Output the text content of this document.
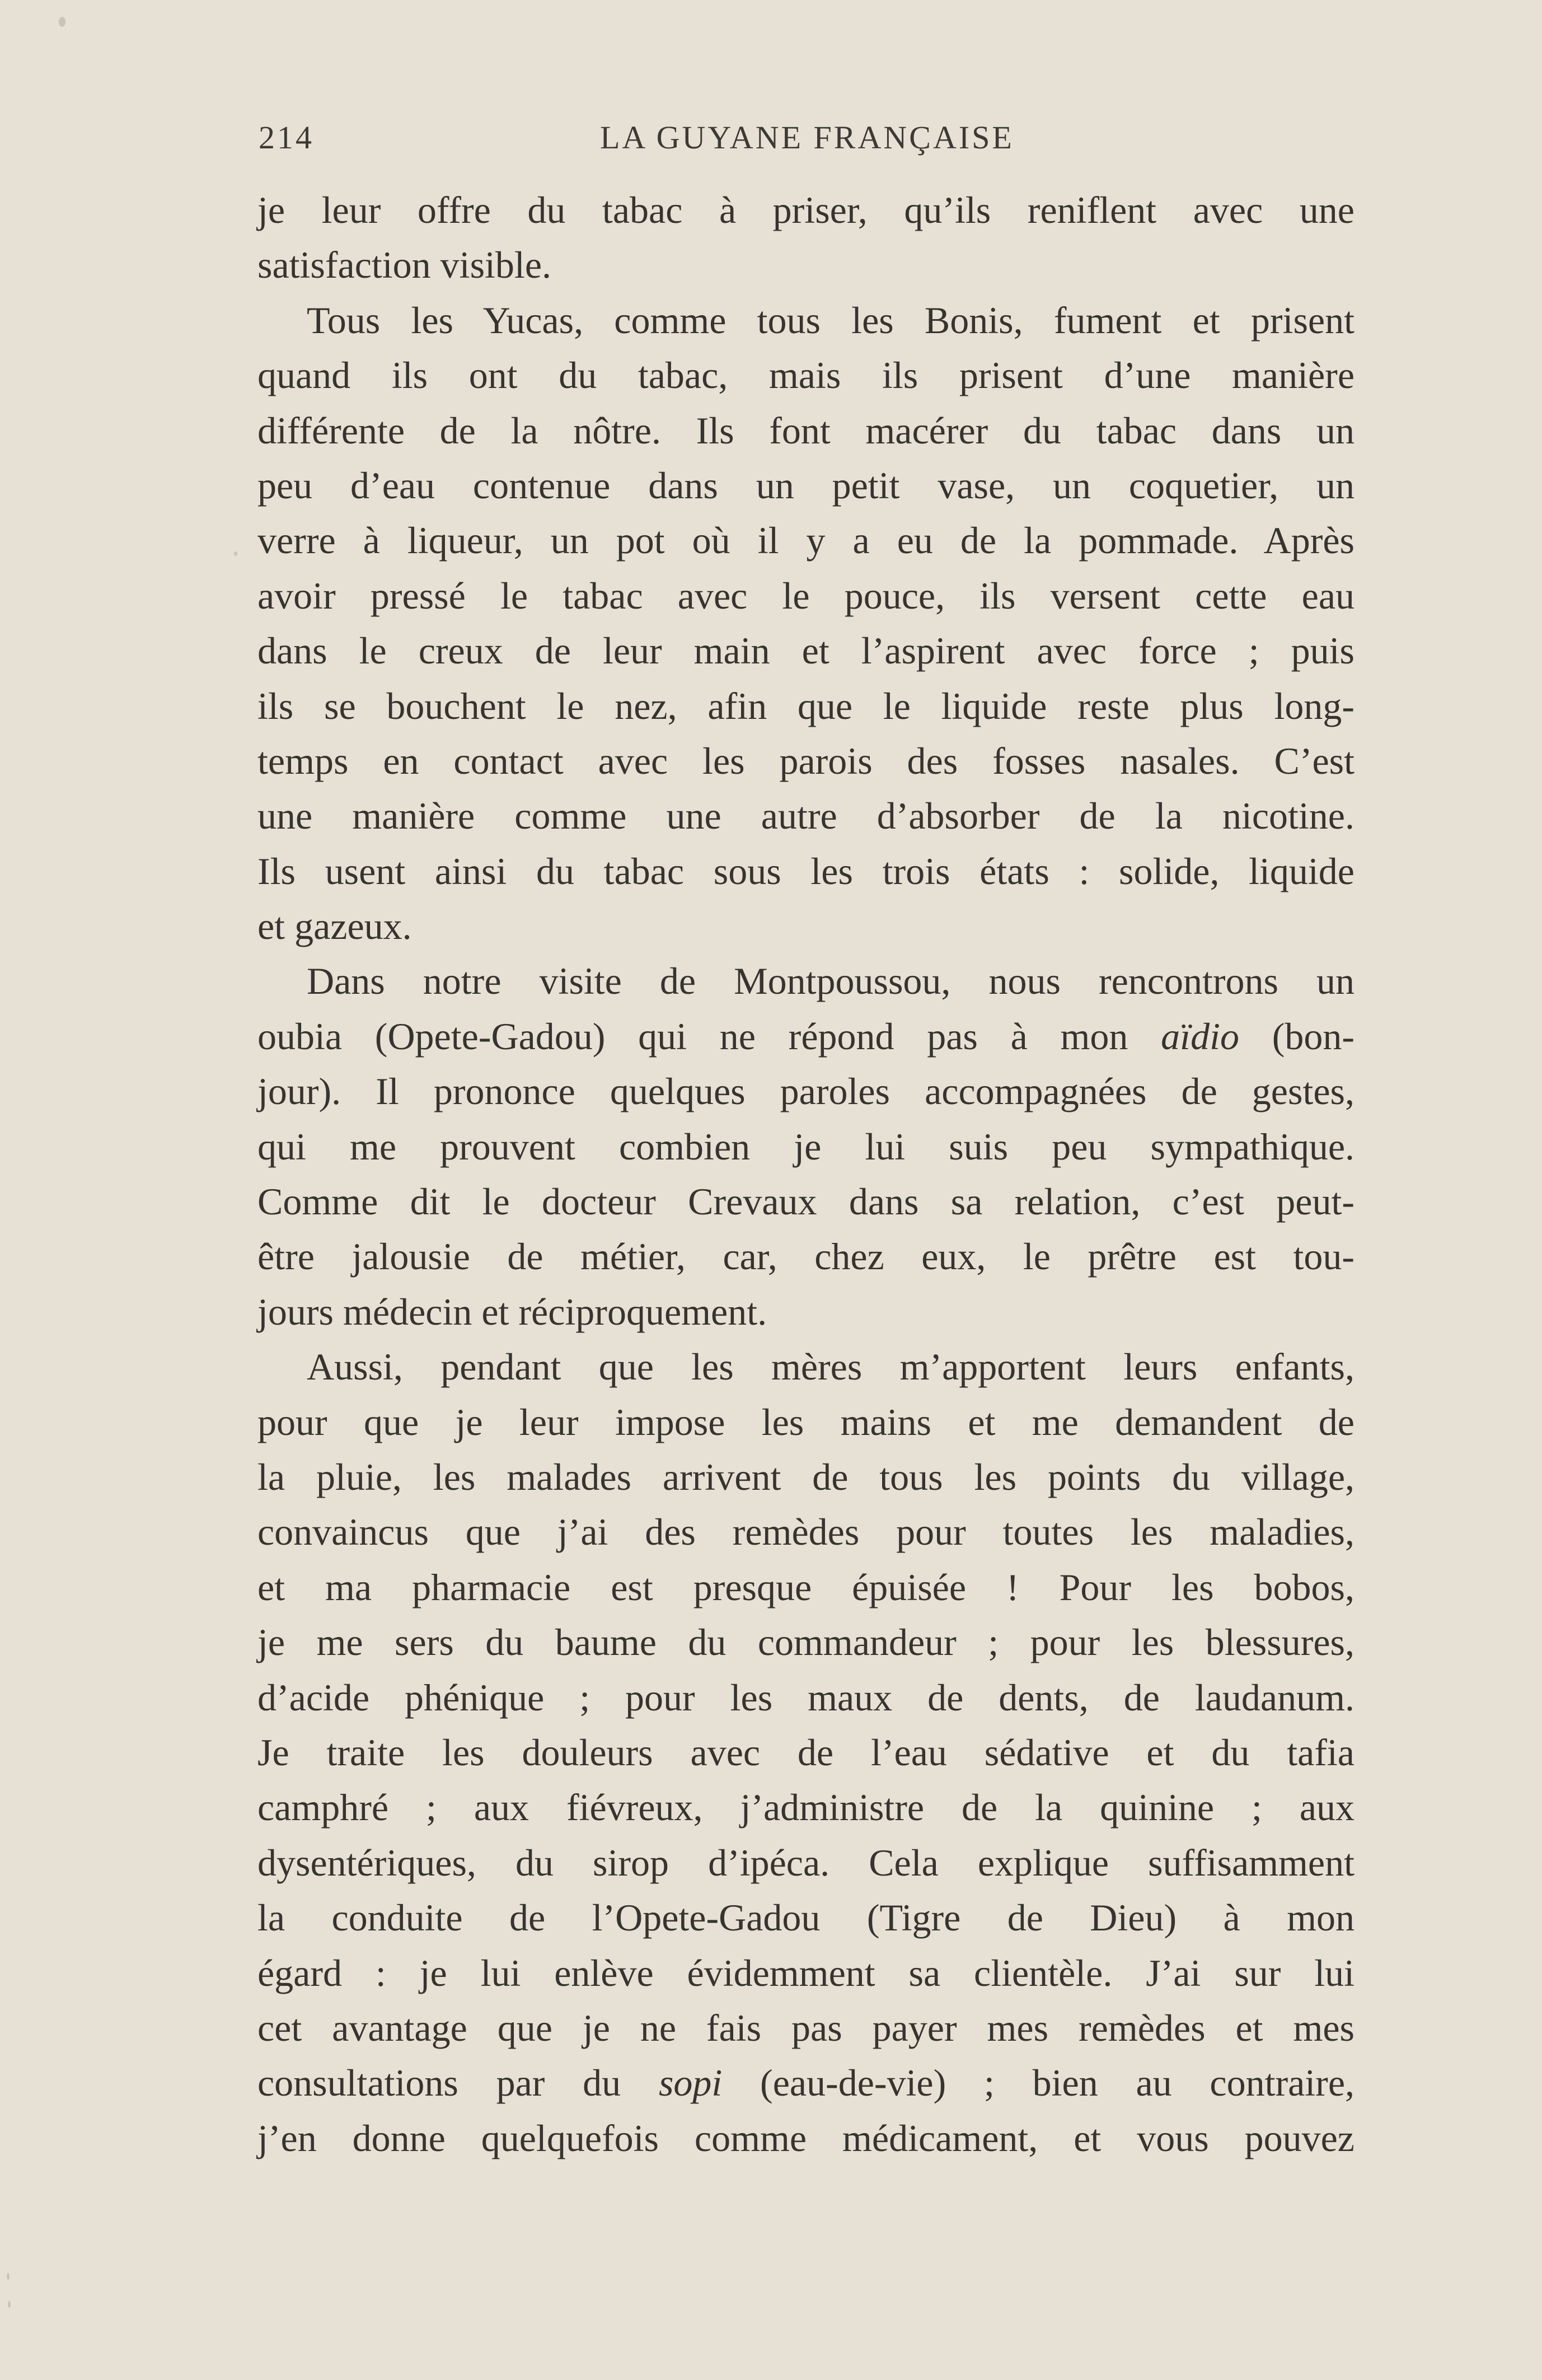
214	LA GUYANE FRANÇAISE
je leur offre du tabac à priser, qu’ils reniflent avec une
satisfaction visible.
Tous les Yucas, comme tous les Bonis, fument et prisent
quand ils ont du tabac, mais ils prisent d’une manière
différente de la nôtre. Ils font macérer du tabac dans un
peu d’eau contenue dans un petit vase, un coquetier, un
verre à liqueur, un pot où il y a eu de la pommade. Après
avoir pressé le tabac avec le pouce, ils versent cette eau
dans le creux de leur main et l’aspirent avec force ; puis
ils se bouchent le nez, afin que le liquide reste plus long-
temps en contact avec les parois des fosses nasales. C’est
une manière comme une autre d’absorber de la nicotine.
Ils usent ainsi du tabac sous les trois états : solide, liquide
et gazeux.
Dans notre visite de Montpoussou, nous rencontrons un
oubia (Opete-Gadou) qui ne répond pas à mon aïdio (bon-
jour). Il prononce quelques paroles accompagnées de gestes,
qui me prouvent combien je lui suis peu sympathique.
Comme dit le docteur Crevaux dans sa relation, c’est peut-
être jalousie de métier, car, chez eux, le prêtre est tou-
jours médecin et réciproquement.
Aussi, pendant que les mères m’apportent leurs enfants,
pour que je leur impose les mains et me demandent de
la pluie, les malades arrivent de tous les points du village,
convaincus que j’ai des remèdes pour toutes les maladies,
et ma pharmacie est presque épuisée ! Pour les bobos,
je me sers du baume du commandeur ; pour les blessures,
d’acide phénique ; pour les maux de dents, de laudanum.
Je traite les douleurs avec de l’eau sédative et du tafia
camphré ; aux fiévreux, j’administre de la quinine ; aux
dysentériques, du sirop d’ipéca. Cela explique suffisamment
la conduite de l’Opete-Gadou (Tigre de Dieu) à mon
égard : je lui enlève évidemment sa clientèle. J’ai sur lui
cet avantage que je ne fais pas payer mes remèdes et mes
consultations par du sopi (eau-de-vie) ; bien au contraire,
j’en donne quelquefois comme médicament, et vous pouvez
